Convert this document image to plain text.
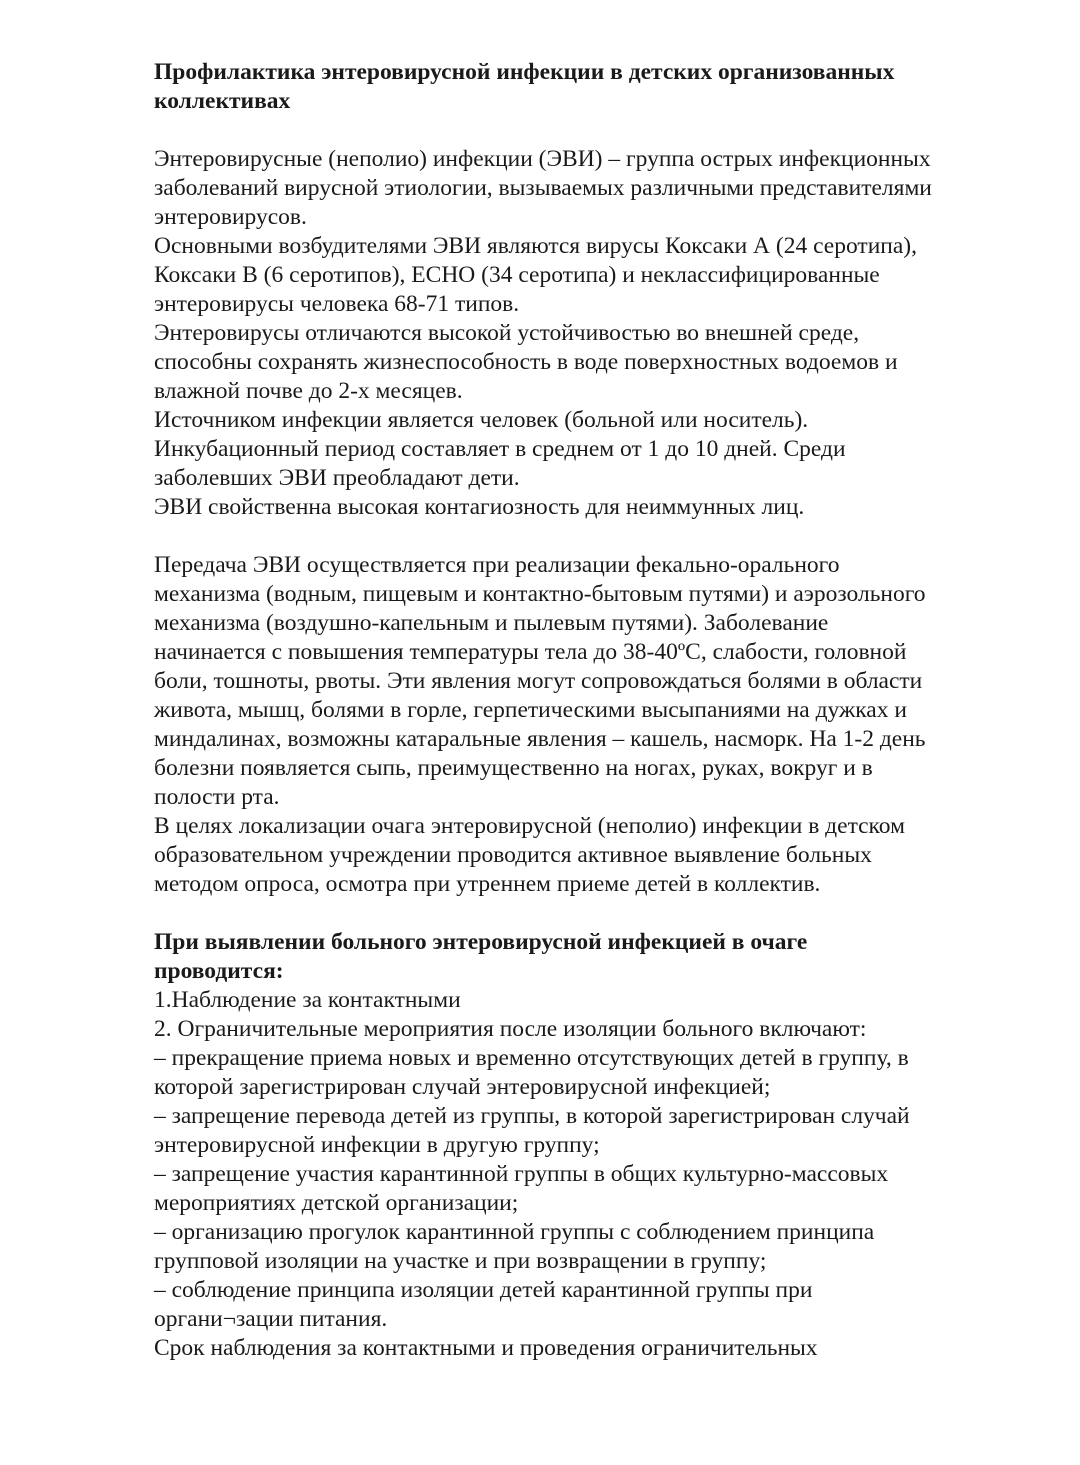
Профилактика энтеровирусной инфекции в детских организованных
коллективах
Энтеровирусные (неполио) инфекции (ЭВИ) – группа острых инфекционных
заболеваний вирусной этиологии, вызываемых различными представителями
энтеровирусов.
Основными возбудителями ЭВИ являются вирусы Коксаки А (24 серотипа),
Коксаки В (6 серотипов), ЕСНО (34 серотипа) и неклассифицированные
энтеровирусы человека 68‑71 типов.
Энтеровирусы отличаются высокой устойчивостью во внешней среде,
способны сохранять жизнеспособность в воде поверхностных водоемов и
влажной почве до 2‑х месяцев.
Источником инфекции является человек (больной или носитель).
Инкубационный период составляет в среднем от 1 до 10 дней. Среди
заболевших ЭВИ преобладают дети.
ЭВИ свойственна высокая контагиозность для неиммунных лиц.
Передача ЭВИ осуществляется при реализации фекально‑орального
механизма (водным, пищевым и контактно‑бытовым путями) и аэрозольного
механизма (воздушно‑капельным и пылевым путями). Заболевание
начинается с повышения температуры тела до 38‑40ºС, слабости, головной
боли, тошноты, рвоты. Эти явления могут сопровождаться болями в области
живота, мышц, болями в горле, герпетическими высыпаниями на дужках и
миндалинах, возможны катаральные явления – кашель, насморк. На 1‑2 день
болезни появляется сыпь, преимущественно на ногах, руках, вокруг и в
полости рта.
В целях локализации очага энтеровирусной (неполио) инфекции в детском
образовательном учреждении проводится активное выявление больных
методом опроса, осмотра при утреннем приеме детей в коллектив.
При выявлении больного энтеровирусной инфекцией в очаге
проводится:
1.Наблюдение за контактными
2. Ограничительные мероприятия после изоляции больного включают:
– прекращение приема новых и временно отсутствующих детей в группу, в
которой зарегистрирован случай энтеровирусной инфекцией;
– запрещение перевода детей из группы, в которой зарегистрирован случай
энтеровирусной инфекции в другую группу;
– запрещение участия карантинной группы в общих культурно‑массовых
мероприятиях детской организации;
– организацию прогулок карантинной группы с соблюдением принципа
групповой изоляции на участке и при возвращении в группу;
– соблюдение принципа изоляции детей карантинной группы при
органи¬зации питания.
Срок наблюдения за контактными и проведения ограничительных
